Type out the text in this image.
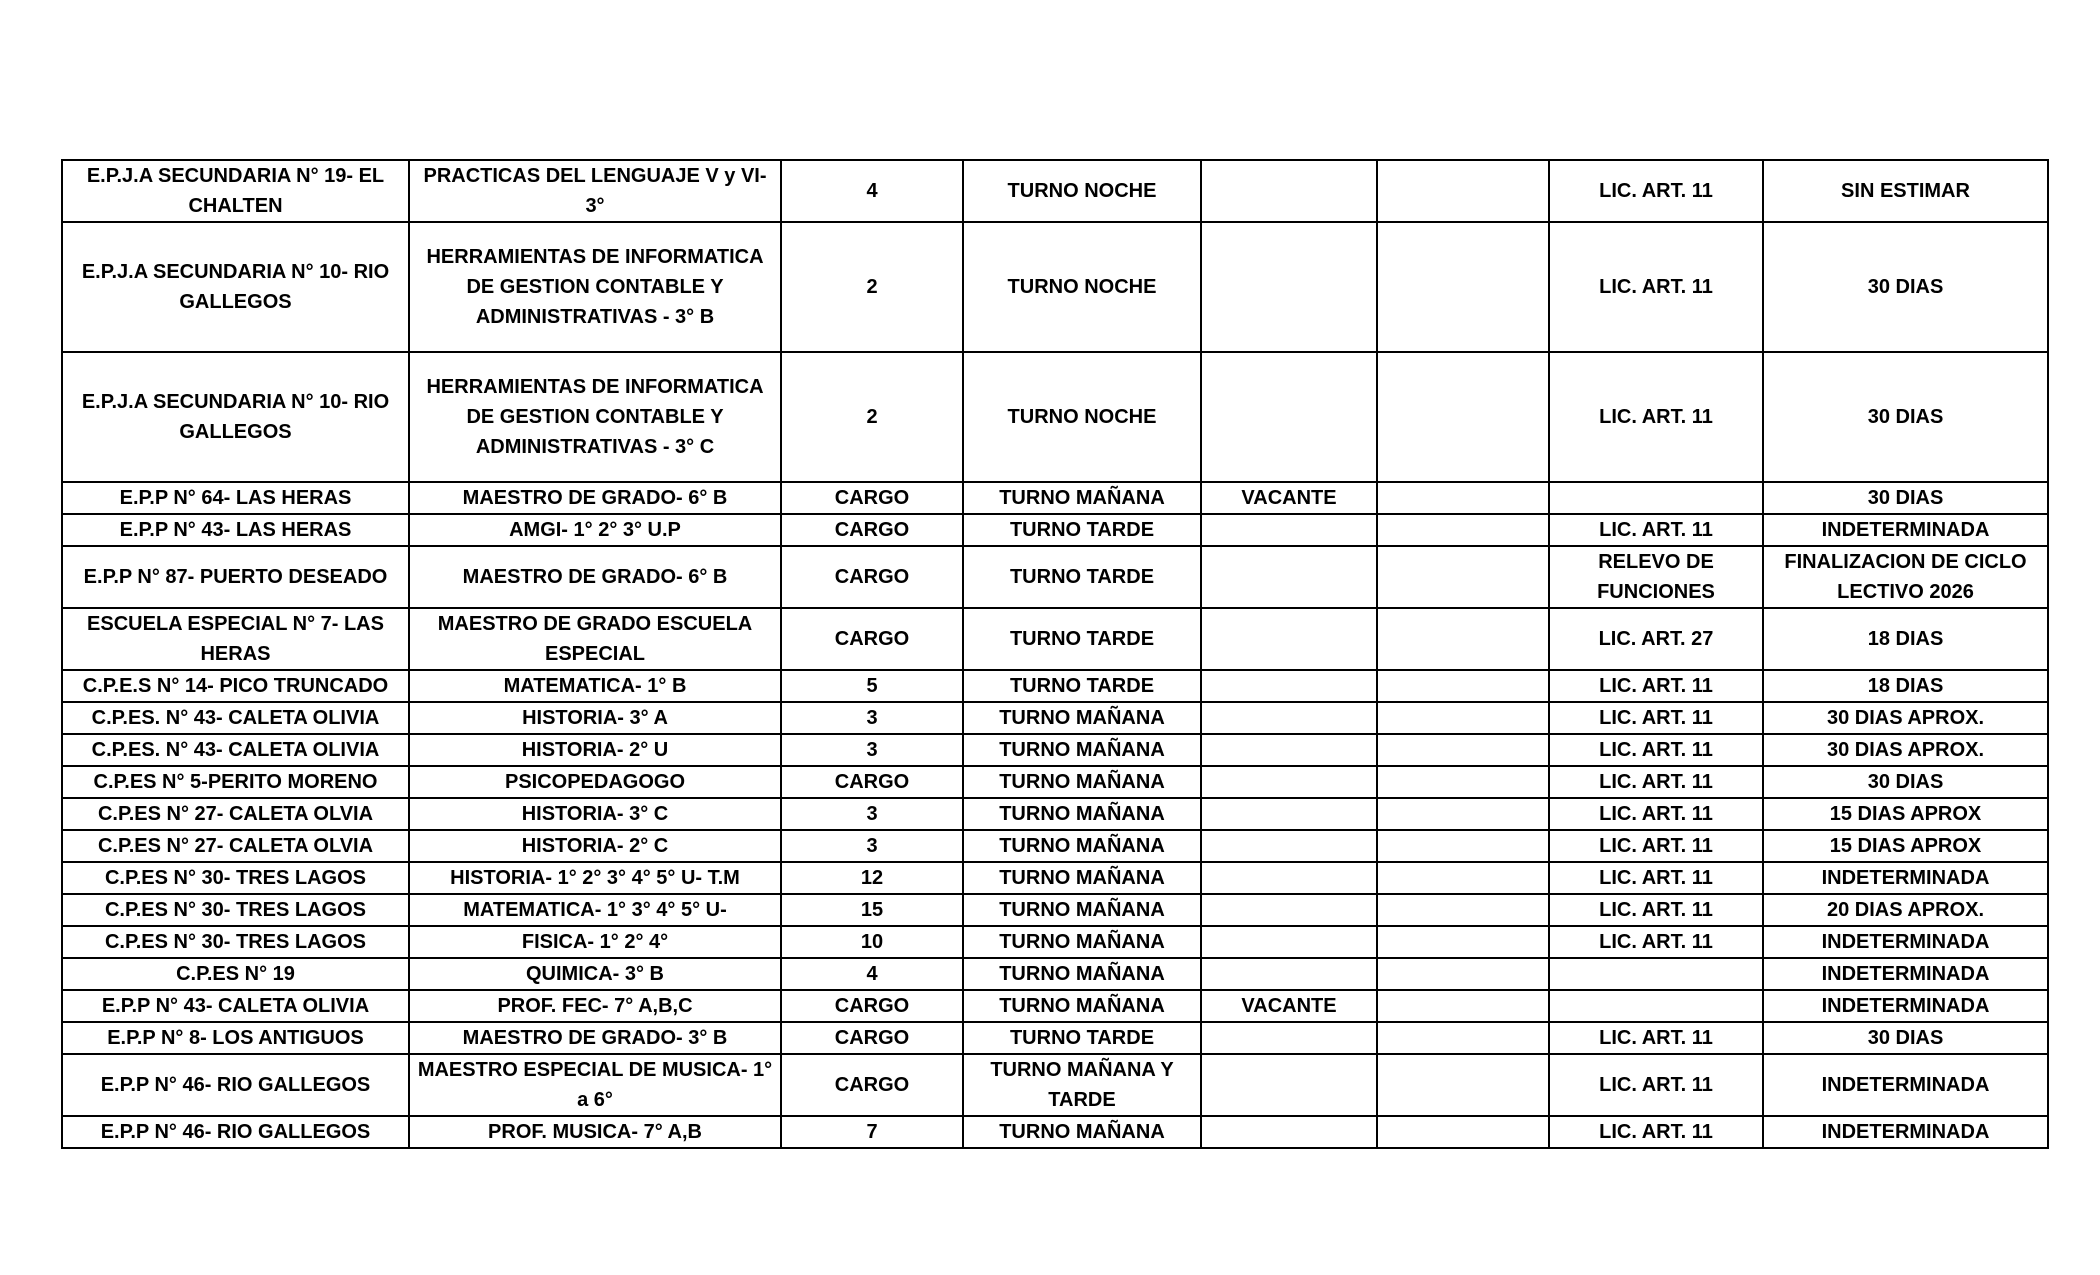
E.P.J.A SECUNDARIA N° 19- EL CHALTEN	PRACTICAS DEL LENGUAJE V y VI- 3°	4	TURNO NOCHE			LIC. ART. 11	SIN ESTIMAR
E.P.J.A SECUNDARIA N° 10- RIO GALLEGOS	HERRAMIENTAS DE INFORMATICA DE GESTION CONTABLE Y ADMINISTRATIVAS - 3° B	2	TURNO NOCHE			LIC. ART. 11	30 DIAS
E.P.J.A SECUNDARIA N° 10- RIO GALLEGOS	HERRAMIENTAS DE INFORMATICA DE GESTION CONTABLE Y ADMINISTRATIVAS - 3° C	2	TURNO NOCHE			LIC. ART. 11	30 DIAS
E.P.P N° 64- LAS HERAS	MAESTRO DE GRADO- 6° B	CARGO	TURNO MAÑANA	VACANTE			30 DIAS
E.P.P N° 43- LAS HERAS	AMGI- 1° 2° 3° U.P	CARGO	TURNO TARDE			LIC. ART. 11	INDETERMINADA
E.P.P N° 87- PUERTO DESEADO	MAESTRO DE GRADO- 6° B	CARGO	TURNO TARDE			RELEVO DE FUNCIONES	FINALIZACION DE CICLO LECTIVO 2026
ESCUELA ESPECIAL N° 7- LAS HERAS	MAESTRO DE GRADO ESCUELA ESPECIAL	CARGO	TURNO TARDE			LIC. ART. 27	18 DIAS
C.P.E.S N° 14- PICO TRUNCADO	MATEMATICA- 1° B	5	TURNO TARDE			LIC. ART. 11	18 DIAS
C.P.ES. N° 43- CALETA OLIVIA	HISTORIA- 3° A	3	TURNO MAÑANA			LIC. ART. 11	30 DIAS APROX.
C.P.ES. N° 43- CALETA OLIVIA	HISTORIA- 2° U	3	TURNO MAÑANA			LIC. ART. 11	30 DIAS APROX.
C.P.ES N° 5-PERITO MORENO	PSICOPEDAGOGO	CARGO	TURNO MAÑANA			LIC. ART. 11	30 DIAS
C.P.ES N° 27- CALETA OLVIA	HISTORIA- 3° C	3	TURNO MAÑANA			LIC. ART. 11	15 DIAS APROX
C.P.ES N° 27- CALETA OLVIA	HISTORIA- 2° C	3	TURNO MAÑANA			LIC. ART. 11	15 DIAS APROX
C.P.ES N° 30- TRES LAGOS	HISTORIA- 1° 2° 3° 4° 5° U- T.M	12	TURNO MAÑANA			LIC. ART. 11	INDETERMINADA
C.P.ES N° 30- TRES LAGOS	MATEMATICA- 1° 3° 4° 5° U-	15	TURNO MAÑANA			LIC. ART. 11	20 DIAS APROX.
C.P.ES N° 30- TRES LAGOS	FISICA- 1° 2° 4°	10	TURNO MAÑANA			LIC. ART. 11	INDETERMINADA
C.P.ES N° 19	QUIMICA- 3° B	4	TURNO MAÑANA				INDETERMINADA
E.P.P N° 43- CALETA OLIVIA	PROF. FEC- 7° A,B,C	CARGO	TURNO MAÑANA	VACANTE			INDETERMINADA
E.P.P N° 8- LOS ANTIGUOS	MAESTRO DE GRADO- 3° B	CARGO	TURNO TARDE			LIC. ART. 11	30 DIAS
E.P.P N° 46- RIO GALLEGOS	MAESTRO ESPECIAL DE MUSICA- 1° a 6°	CARGO	TURNO MAÑANA Y TARDE			LIC. ART. 11	INDETERMINADA
E.P.P N° 46- RIO GALLEGOS	PROF. MUSICA- 7° A,B	7	TURNO MAÑANA			LIC. ART. 11	INDETERMINADA
